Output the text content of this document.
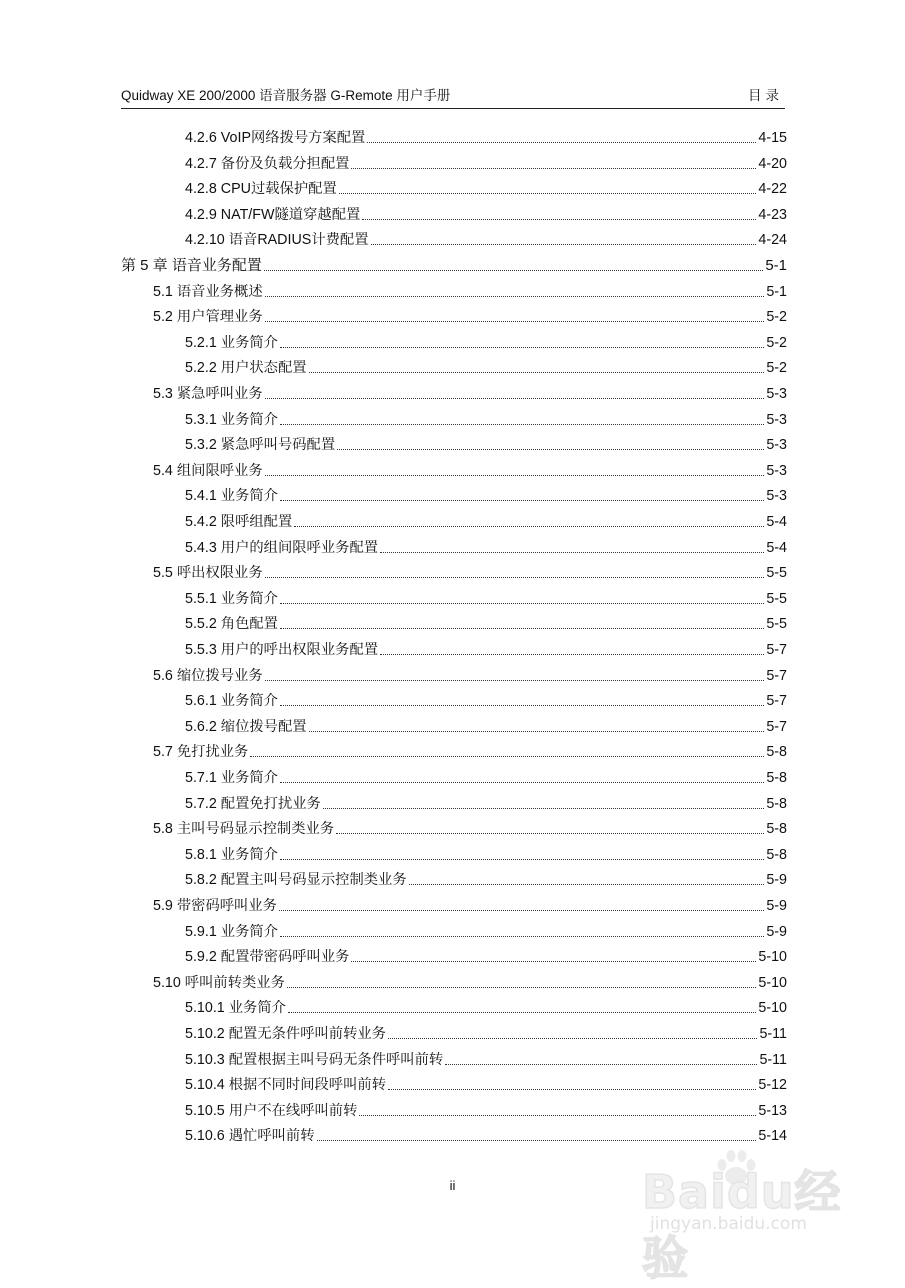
Quidway XE 200/2000 语音服务器 G-Remote 用户手册	目录
4.2.6 VoIP网络拨号方案配置	4-15
4.2.7 备份及负载分担配置	4-20
4.2.8 CPU过载保护配置	4-22
4.2.9 NAT/FW隧道穿越配置	4-23
4.2.10 语音RADIUS计费配置	4-24
第 5 章 语音业务配置	5-1
5.1 语音业务概述	5-1
5.2 用户管理业务	5-2
5.2.1 业务简介	5-2
5.2.2 用户状态配置	5-2
5.3 紧急呼叫业务	5-3
5.3.1 业务简介	5-3
5.3.2 紧急呼叫号码配置	5-3
5.4 组间限呼业务	5-3
5.4.1 业务简介	5-3
5.4.2 限呼组配置	5-4
5.4.3 用户的组间限呼业务配置	5-4
5.5 呼出权限业务	5-5
5.5.1 业务简介	5-5
5.5.2 角色配置	5-5
5.5.3 用户的呼出权限业务配置	5-7
5.6 缩位拨号业务	5-7
5.6.1 业务简介	5-7
5.6.2 缩位拨号配置	5-7
5.7 免打扰业务	5-8
5.7.1 业务简介	5-8
5.7.2 配置免打扰业务	5-8
5.8 主叫号码显示控制类业务	5-8
5.8.1 业务简介	5-8
5.8.2 配置主叫号码显示控制类业务	5-9
5.9 带密码呼叫业务	5-9
5.9.1 业务简介	5-9
5.9.2 配置带密码呼叫业务	5-10
5.10 呼叫前转类业务	5-10
5.10.1 业务简介	5-10
5.10.2 配置无条件呼叫前转业务	5-11
5.10.3 配置根据主叫号码无条件呼叫前转	5-11
5.10.4 根据不同时间段呼叫前转	5-12
5.10.5 用户不在线呼叫前转	5-13
5.10.6 遇忙呼叫前转	5-14
ii	Baidu经验
jingyan.baidu.com
